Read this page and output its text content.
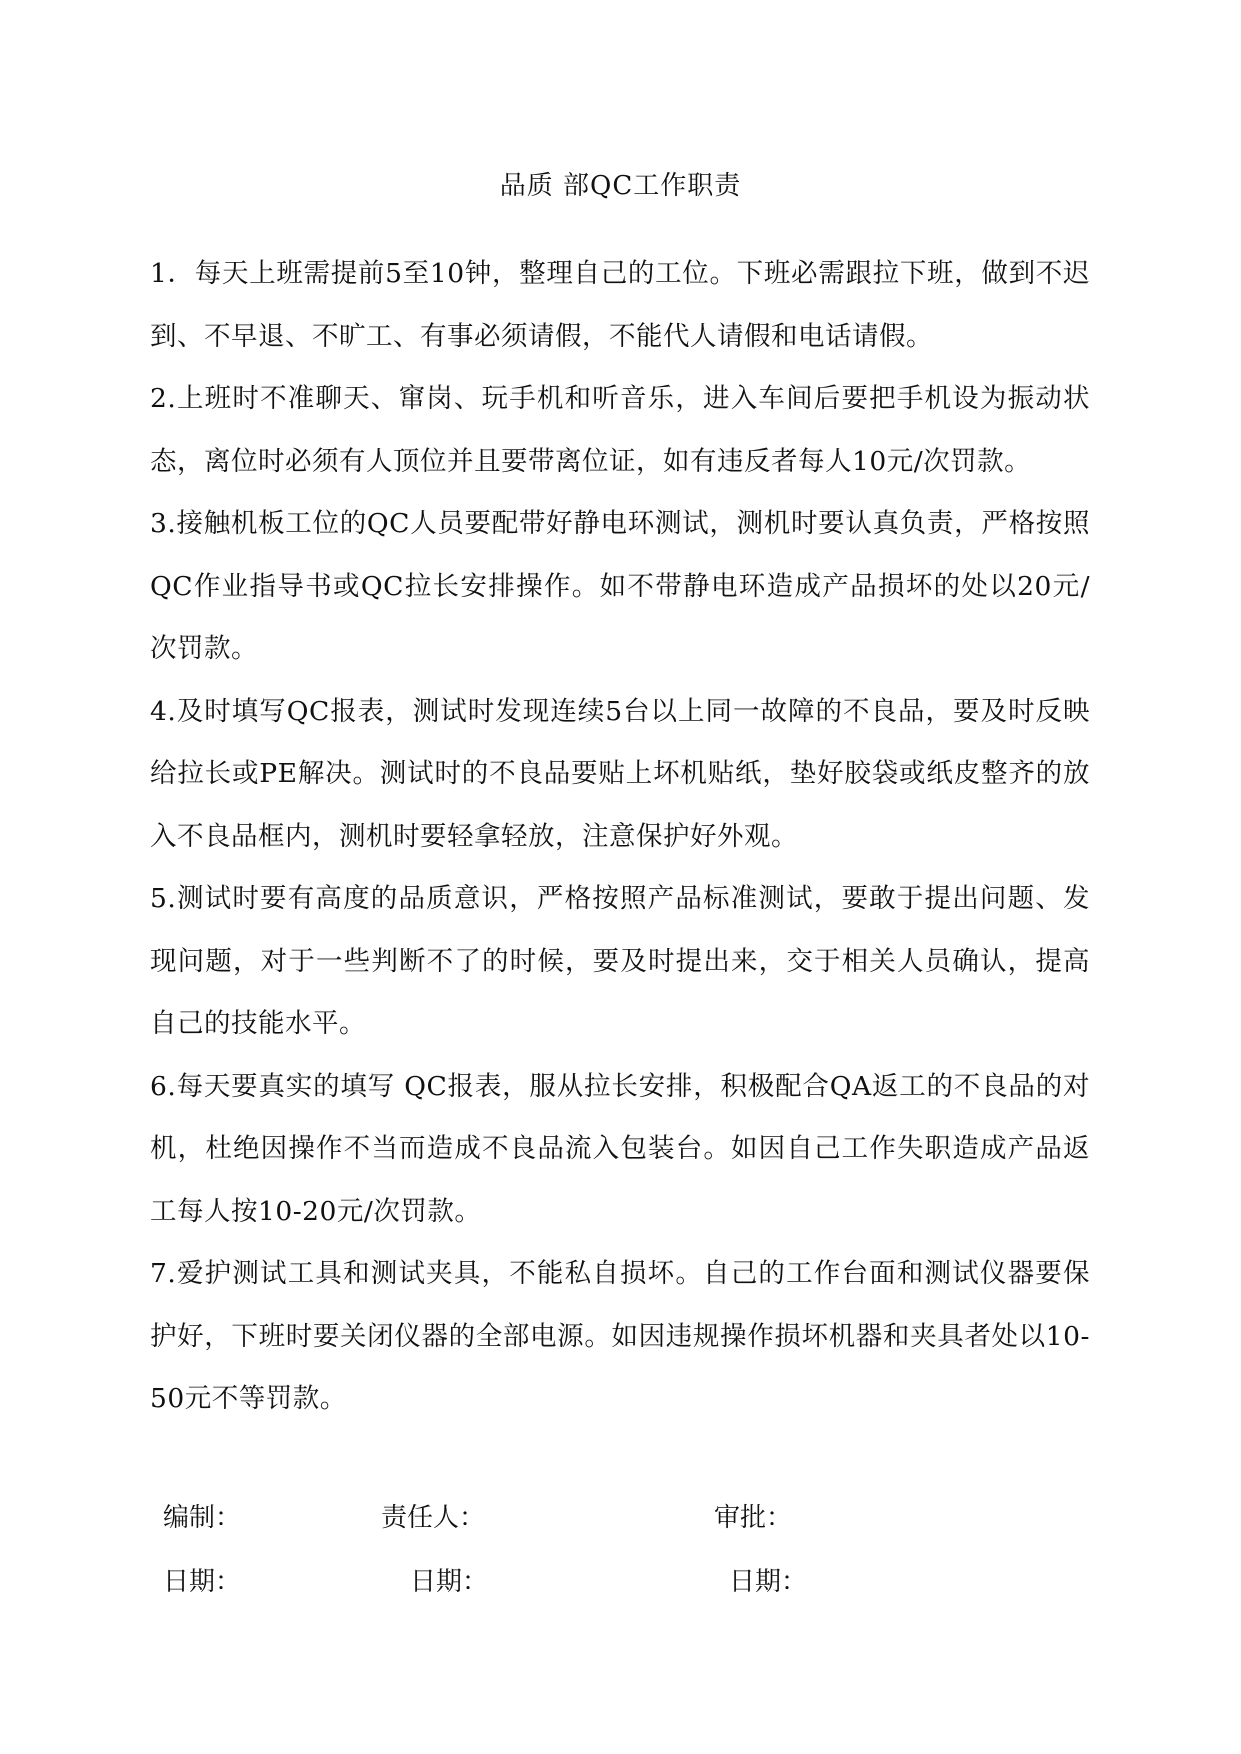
品质 部QC工作职责

1．每天上班需提前5至10钟，整理自己的工位。下班必需跟拉下班，做到不迟到、不早退、不旷工、有事必须请假，不能代人请假和电话请假。

2.上班时不准聊天、窜岗、玩手机和听音乐，进入车间后要把手机设为振动状态，离位时必须有人顶位并且要带离位证，如有违反者每人10元/次罚款。

3.接触机板工位的QC人员要配带好静电环测试，测机时要认真负责，严格按照QC作业指导书或QC拉长安排操作。如不带静电环造成产品损坏的处以20元/次罚款。

4.及时填写QC报表，测试时发现连续5台以上同一故障的不良品，要及时反映给拉长或PE解决。测试时的不良品要贴上坏机贴纸，垫好胶袋或纸皮整齐的放入不良品框内，测机时要轻拿轻放，注意保护好外观。

5.测试时要有高度的品质意识，严格按照产品标准测试，要敢于提出问题、发现问题，对于一些判断不了的时候，要及时提出来，交于相关人员确认，提高自己的技能水平。

6.每天要真实的填写 QC报表，服从拉长安排，积极配合QA返工的不良品的对机，杜绝因操作不当而造成不良品流入包装台。如因自己工作失职造成产品返工每人按10-20元/次罚款。

7.爱护测试工具和测试夹具，不能私自损坏。自己的工作台面和测试仪器要保护好，下班时要关闭仪器的全部电源。如因违规操作损坏机器和夹具者处以10-50元不等罚款。

编制：	责任人：	审批：
日期：	日期：	日期：
